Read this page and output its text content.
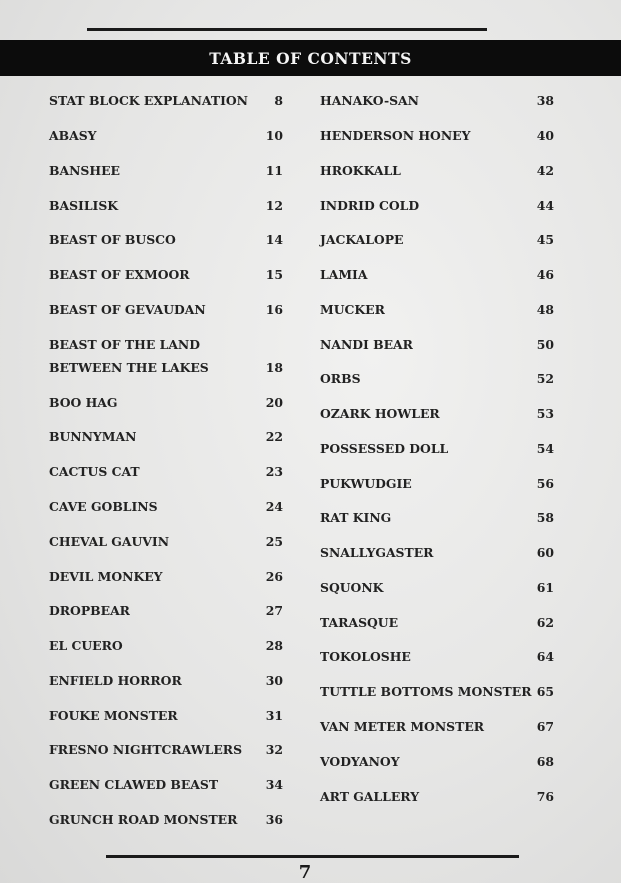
TABLE OF CONTENTS
STAT BLOCK EXPLANATION	8
ABASY	10
BANSHEE	11
BASILISK	12
BEAST OF BUSCO	14
BEAST OF EXMOOR	15
BEAST OF GEVAUDAN	16
BEAST OF THE LAND
BETWEEN THE LAKES	18
BOO HAG	20
BUNNYMAN	22
CACTUS CAT	23
CAVE GOBLINS	24
CHEVAL GAUVIN	25
DEVIL MONKEY	26
DROPBEAR	27
EL CUERO	28
ENFIELD HORROR	30
FOUKE MONSTER	31
FRESNO NIGHTCRAWLERS	32
GREEN CLAWED BEAST	34
GRUNCH ROAD MONSTER	36
HANAKO-SAN	38
HENDERSON HONEY	40
HROKKALL	42
INDRID COLD	44
JACKALOPE	45
LAMIA	46
MUCKER	48
NANDI BEAR	50
ORBS	52
OZARK HOWLER	53
POSSESSED DOLL	54
PUKWUDGIE	56
RAT KING	58
SNALLYGASTER	60
SQUONK	61
TARASQUE	62
TOKOLOSHE	64
TUTTLE BOTTOMS MONSTER 65
VAN METER MONSTER	67
VODYANOY	68
ART GALLERY	76
7
